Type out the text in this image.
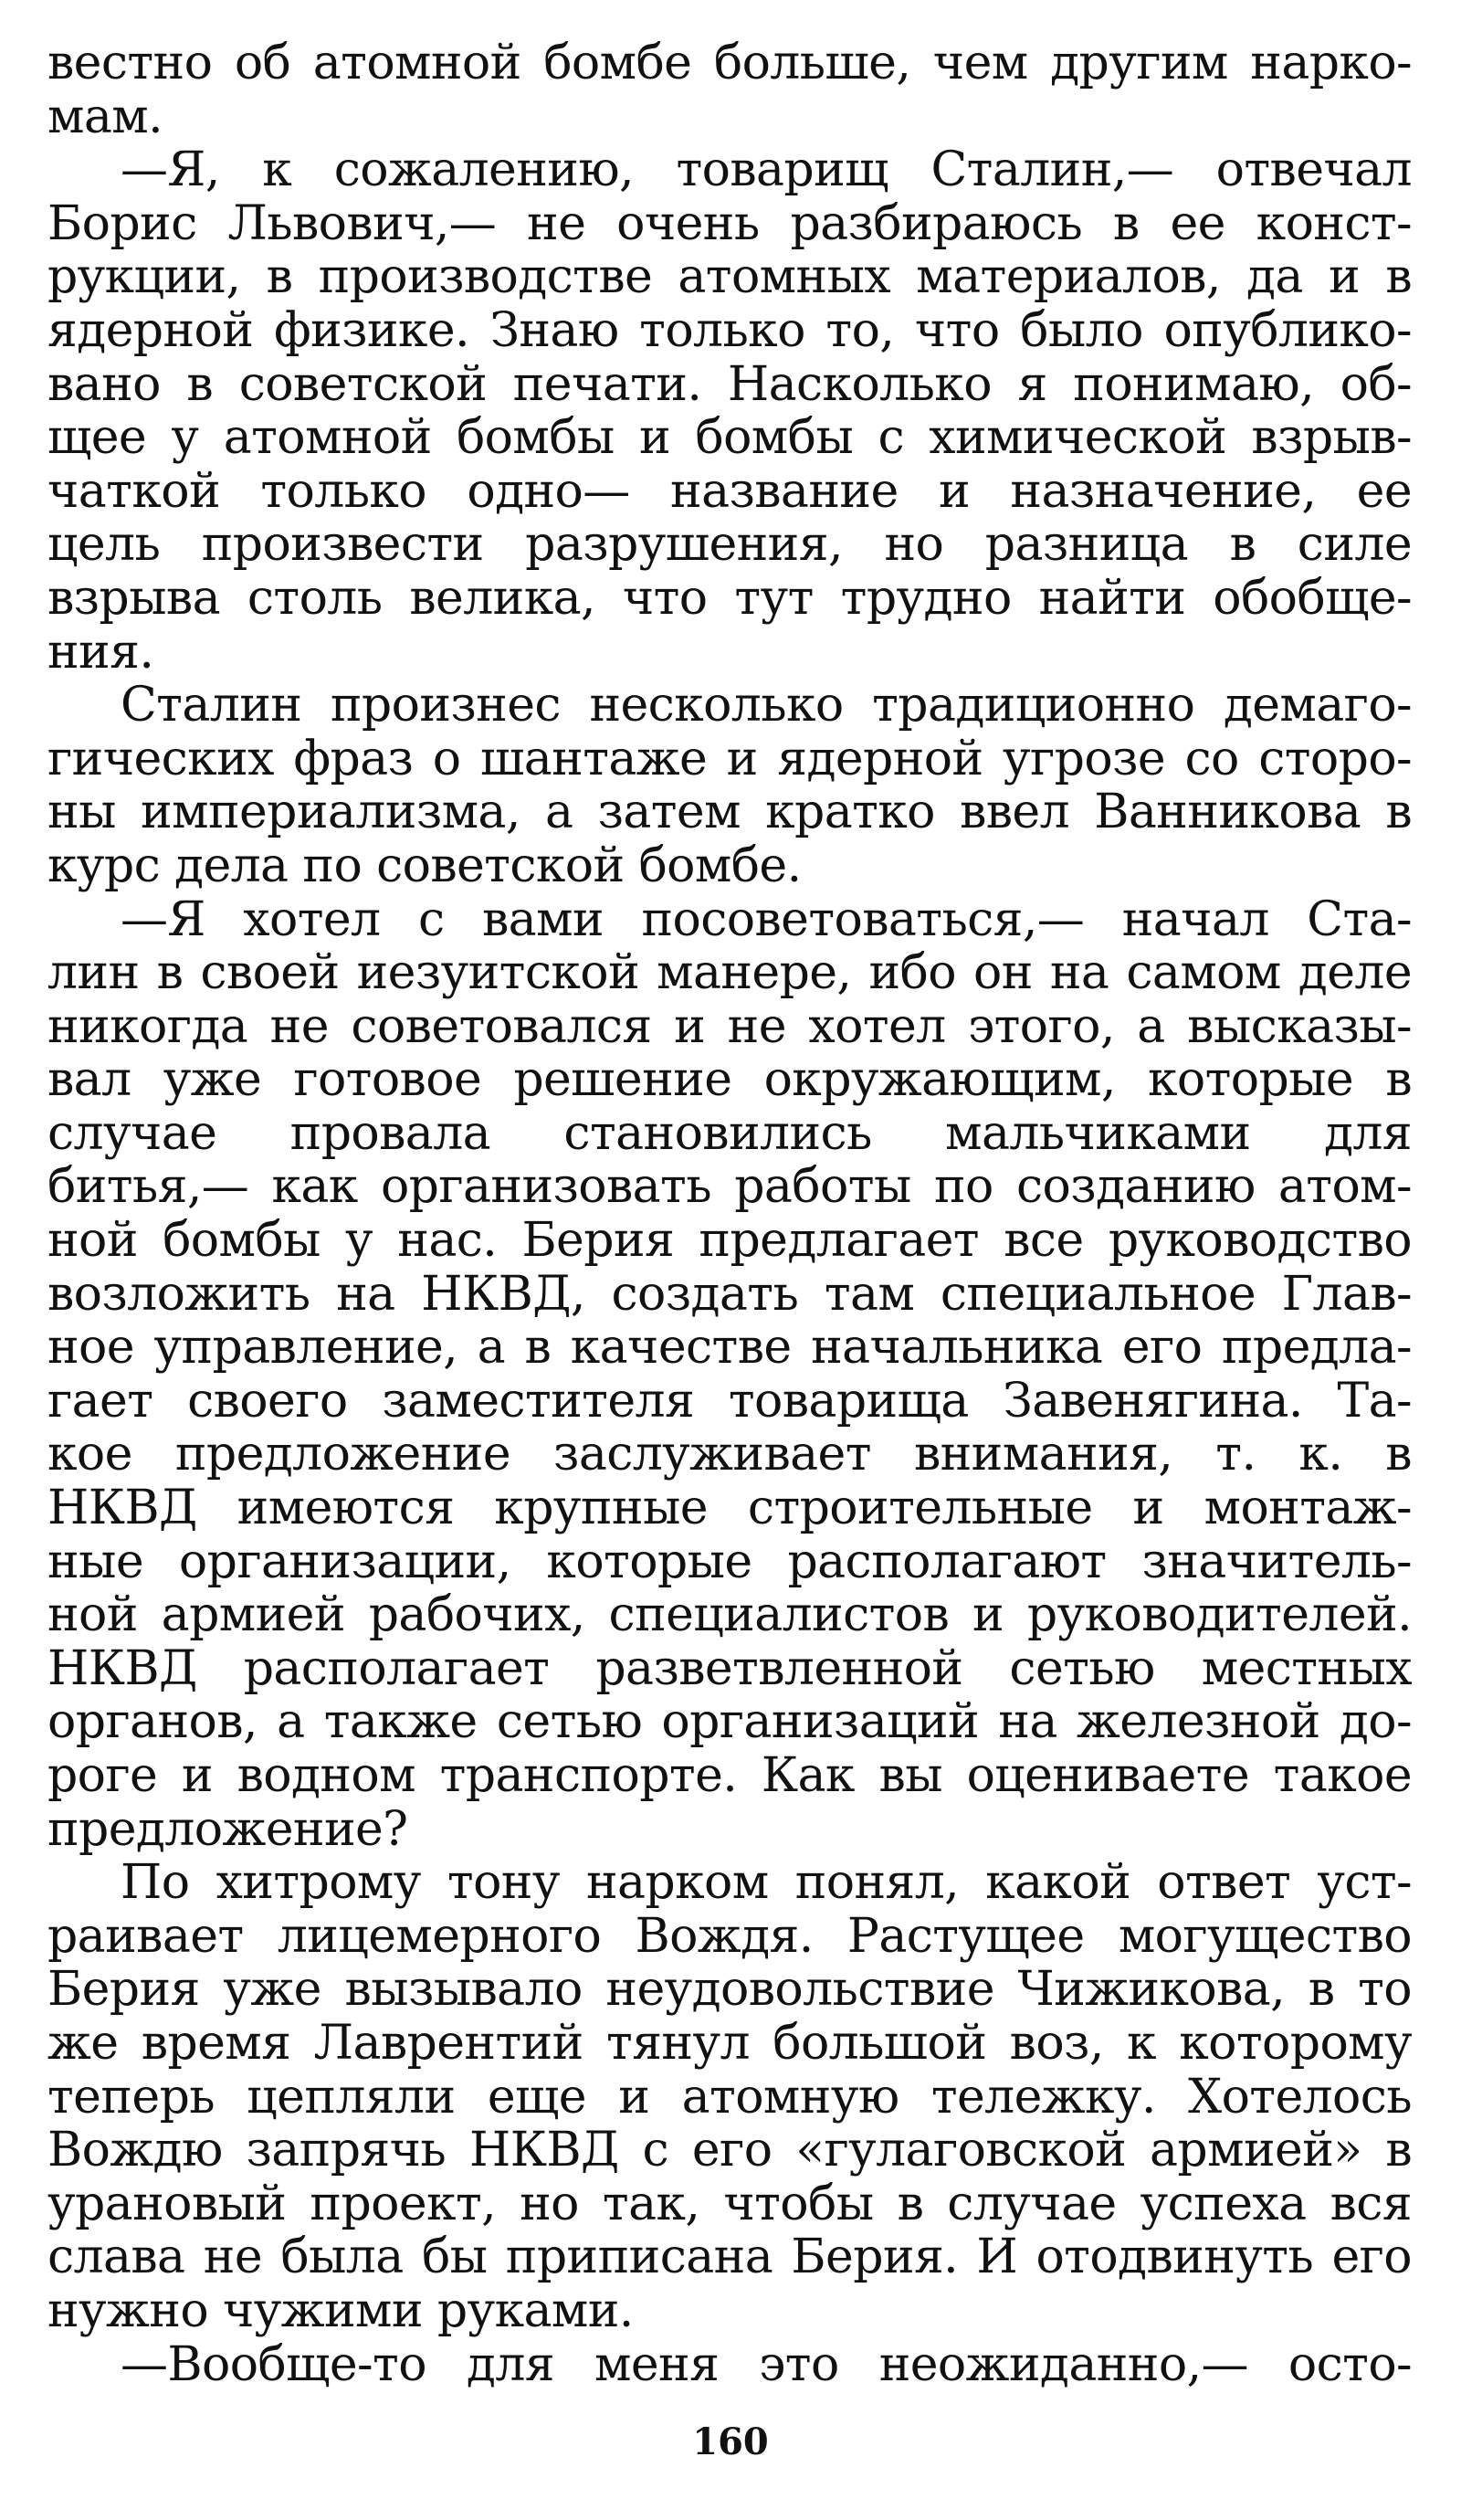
вестно об атомной бомбе больше, чем другим нарко-
мам.
—Я, к сожалению, товарищ Сталин,— отвечал
Борис Львович,— не очень разбираюсь в ее конст-
рукции, в производстве атомных материалов, да и в
ядерной физике. Знаю только то, что было опублико-
вано в советской печати. Насколько я понимаю, об-
щее у атомной бомбы и бомбы с химической взрыв-
чаткой только одно— название и назначение, ее
цель произвести разрушения, но разница в силе
взрыва столь велика, что тут трудно найти обобще-
ния.
Сталин произнес несколько традиционно демаго-
гических фраз о шантаже и ядерной угрозе со сторо-
ны империализма, а затем кратко ввел Ванникова в
курс дела по советской бомбе.
—Я хотел с вами посоветоваться,— начал Ста-
лин в своей иезуитской манере, ибо он на самом деле
никогда не советовался и не хотел этого, а высказы-
вал уже готовое решение окружающим, которые в
случае провала становились мальчиками для
битья,— как организовать работы по созданию атом-
ной бомбы у нас. Берия предлагает все руководство
возложить на НКВД, создать там специальное Глав-
ное управление, а в качестве начальника его предла-
гает своего заместителя товарища Завенягина. Та-
кое предложение заслуживает внимания, т. к. в
НКВД имеются крупные строительные и монтаж-
ные организации, которые располагают значитель-
ной армией рабочих, специалистов и руководителей.
НКВД располагает разветвленной сетью местных
органов, а также сетью организаций на железной до-
роге и водном транспорте. Как вы оцениваете такое
предложение?
По хитрому тону нарком понял, какой ответ уст-
раивает лицемерного Вождя. Растущее могущество
Берия уже вызывало неудовольствие Чижикова, в то
же время Лаврентий тянул большой воз, к которому
теперь цепляли еще и атомную тележку. Хотелось
Вождю запрячь НКВД с его «гулаговской армией» в
урановый проект, но так, чтобы в случае успеха вся
слава не была бы приписана Берия. И отодвинуть его
нужно чужими руками.
—Вообще-то для меня это неожиданно,— осто-
160
